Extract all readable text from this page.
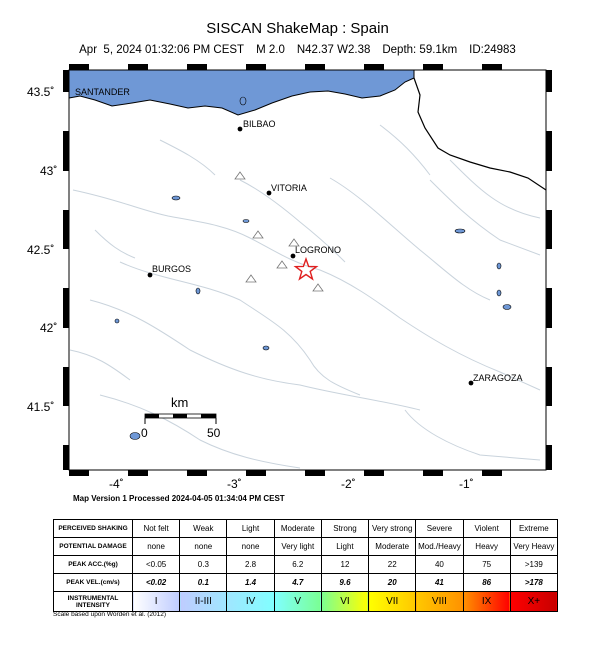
SISCAN ShakeMap : Spain
Apr  5, 2024 01:32:06 PM CEST M 2.0 N42.37 W2.38 Depth: 59.1km ID:24983
SANTANDER
BILBAO
VITORIA
LOGRONO
BURGOS
ZARAGOZA
km
0	50
43.5˚
43˚
42.5˚
42˚
41.5˚
-4˚	-3˚	-2˚	-1˚
Map Version 1 Processed 2024-04-05 01:34:04 PM CEST
PERCEIVED SHAKING	Not felt	Weak	Light	Moderate	Strong	Very strong	Severe	Violent	Extreme
POTENTIAL DAMAGE	none	none	none	Very light	Light	Moderate	Mod./Heavy	Heavy	Very Heavy
PEAK ACC.(%g)	<0.05	0.3	2.8	6.2	12	22	40	75	>139
PEAK VEL.(cm/s)	<0.02	0.1	1.4	4.7	9.6	20	41	86	>178
INSTRUMENTAL INTENSITY	I	II-III	IV	V	VI	VII	VIII	IX	X+
Scale based upon Worden et al. (2012)
